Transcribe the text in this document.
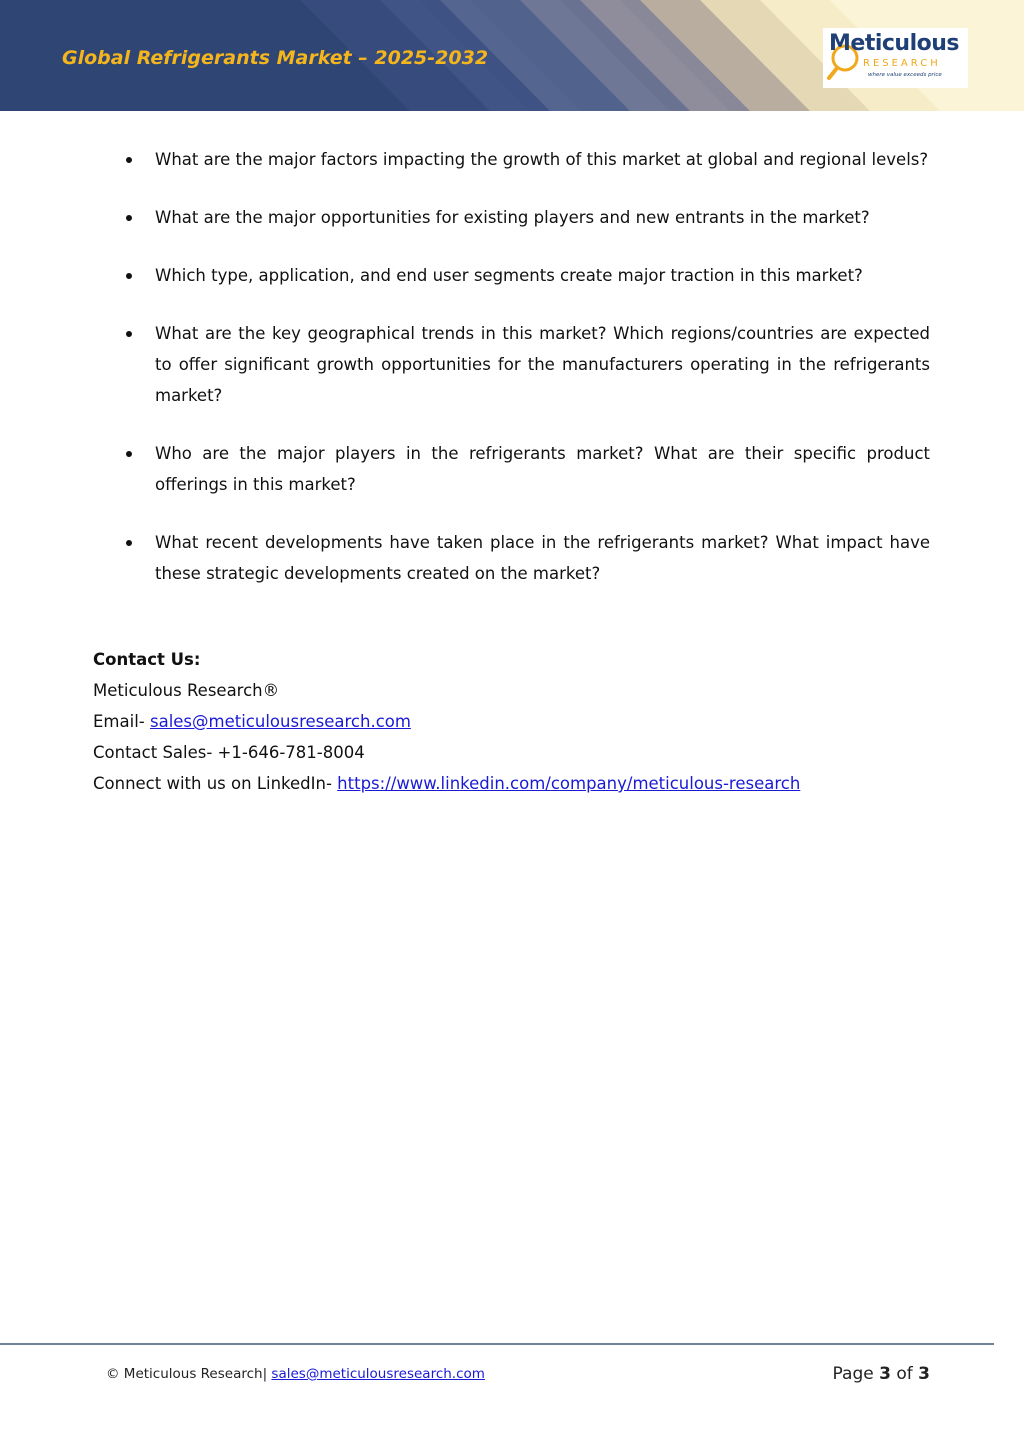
Global Refrigerants Market – 2025-2032
Meticulous
RESEARCH
where value exceeds price
What are the major factors impacting the growth of this market at global and regional levels?
What are the major opportunities for existing players and new entrants in the market?
Which type, application, and end user segments create major traction in this market?
What are the key geographical trends in this market? Which regions/countries are expected to offer significant growth opportunities for the manufacturers operating in the refrigerants market?
Who are the major players in the refrigerants market? What are their specific product offerings in this market?
What recent developments have taken place in the refrigerants market? What impact have these strategic developments created on the market?
Contact Us:
Meticulous Research®
Email- sales@meticulousresearch.com
Contact Sales- +1-646-781-8004
Connect with us on LinkedIn- https://www.linkedin.com/company/meticulous-research
© Meticulous Research| sales@meticulousresearch.com	Page 3 of 3
